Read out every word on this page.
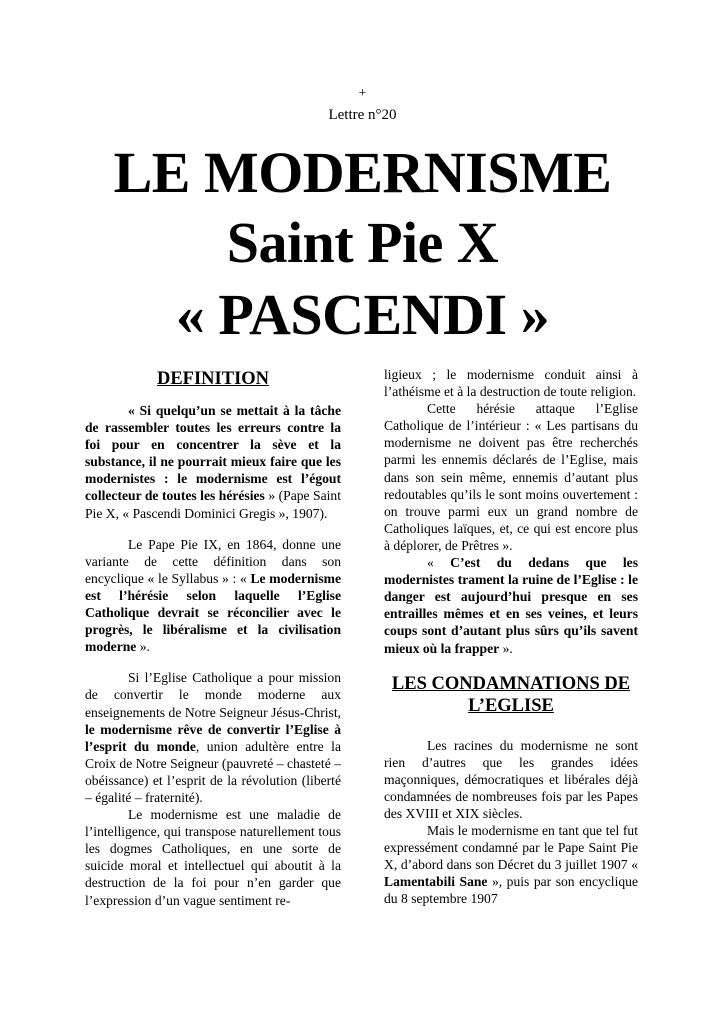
+
Lettre n°20
LE MODERNISME
Saint Pie X
« PASCENDI »
DEFINITION

« Si quelqu’un se mettait à la tâche de rassembler toutes les erreurs contre la foi pour en concentrer la sève et la substance, il ne pourrait mieux faire que les modernistes : le modernisme est l’égout collecteur de toutes les hérésies » (Pape Saint Pie X, « Pascendi Dominici Gregis », 1907).

Le Pape Pie IX, en 1864, donne une variante de cette définition dans son encyclique « le Syllabus » : « Le modernisme est l’hérésie selon laquelle l’Eglise Catholique devrait se réconcilier avec le progrès, le libéralisme et la civilisation moderne ».

Si l’Eglise Catholique a pour mission de convertir le monde moderne aux enseignements de Notre Seigneur Jésus-Christ, le modernisme rêve de convertir l’Eglise à l’esprit du monde, union adultère entre la Croix de Notre Seigneur (pauvreté – chasteté – obéissance) et l’esprit de la révolution (liberté – égalité – fraternité).

Le modernisme est une maladie de l’intelligence, qui transpose naturellement tous les dogmes Catholiques, en une sorte de suicide moral et intellectuel qui aboutit à la destruction de la foi pour n’en garder que l’expression d’un vague sentiment re-

ligieux ; le modernisme conduit ainsi à l’athéisme et à la destruction de toute religion.

Cette hérésie attaque l’Eglise Catholique de l’intérieur : « Les partisans du modernisme ne doivent pas être recherchés parmi les ennemis déclarés de l’Eglise, mais dans son sein même, ennemis d’autant plus redoutables qu’ils le sont moins ouvertement : on trouve parmi eux un grand nombre de Catholiques laïques, et, ce qui est encore plus à déplorer, de Prêtres ».

« C’est du dedans que les modernistes trament la ruine de l’Eglise : le danger est aujourd’hui presque en ses entrailles mêmes et en ses veines, et leurs coups sont d’autant plus sûrs qu’ils savent mieux où la frapper ».

LES CONDAMNATIONS DE
L’EGLISE

Les racines du modernisme ne sont rien d’autres que les grandes idées maçonniques, démocratiques et libérales déjà condamnées de nombreuses fois par les Papes des XVIII et XIX siècles.

Mais le modernisme en tant que tel fut expressément condamné par le Pape Saint Pie X, d’abord dans son Décret du 3 juillet 1907 « Lamentabili Sane », puis par son encyclique du 8 septembre 1907
